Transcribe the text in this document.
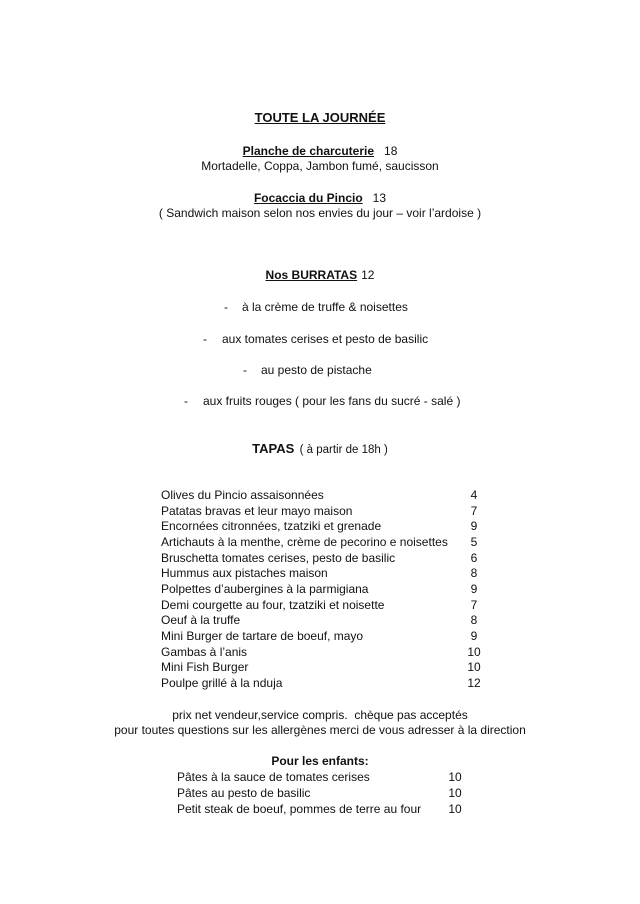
TOUTE LA JOURNÉE
Planche de charcuterie 18
Mortadelle, Coppa, Jambon fumé, saucisson
Focaccia du Pincio 13
( Sandwich maison selon nos envies du jour – voir l’ardoise )
Nos BURRATAS 12
- à la crème de truffe & noisettes
- aux tomates cerises et pesto de basilic
- au pesto de pistache
- aux fruits rouges ( pour les fans du sucré - salé )
TAPAS ( à partir de 18h )
Olives du Pincio assaisonnées	4
Patatas bravas et leur mayo maison	7
Encornées citronnées, tzatziki et grenade	9
Artichauts à la menthe, crème de pecorino e noisettes	5
Bruschetta tomates cerises, pesto de basilic	6
Hummus aux pistaches maison	8
Polpettes d’aubergines à la parmigiana	9
Demi courgette au four, tzatziki et noisette	7
Oeuf à la truffe	8
Mini Burger de tartare de boeuf, mayo	9
Gambas à l’anis	10
Mini Fish Burger	10
Poulpe grillé à la nduja	12
prix net vendeur,service compris.  chèque pas acceptés
pour toutes questions sur les allergènes merci de vous adresser à la direction
Pour les enfants:
Pâtes à la sauce de tomates cerises	10
Pâtes au pesto de basilic	10
Petit steak de boeuf, pommes de terre au four 10
